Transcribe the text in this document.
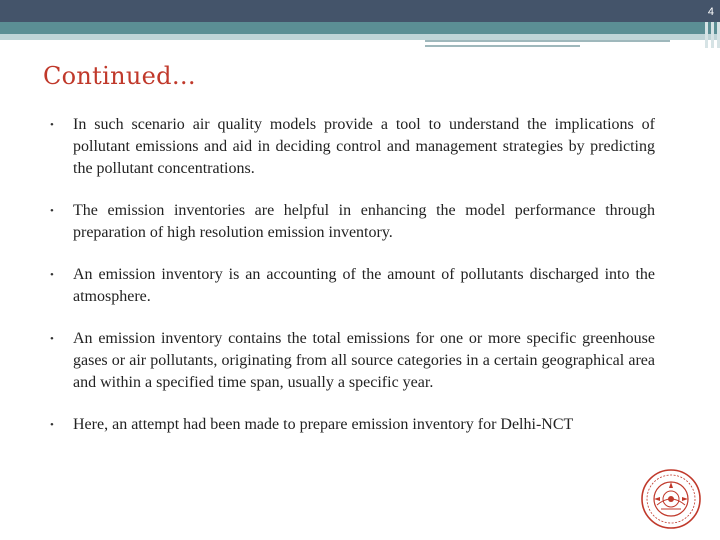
4
Continued…
• In such scenario air quality models provide a tool to understand the implications of pollutant emissions and aid in deciding control and management strategies by predicting the pollutant concentrations.
• The emission inventories are helpful in enhancing the model performance through preparation of high resolution emission inventory.
• An emission inventory is an accounting of the amount of pollutants discharged into the atmosphere.
• An emission inventory contains the total emissions for one or more specific greenhouse gases or air pollutants, originating from all source categories in a certain geographical area and within a specified time span, usually a specific year.
• Here, an attempt had been made to prepare emission inventory for Delhi-NCT
